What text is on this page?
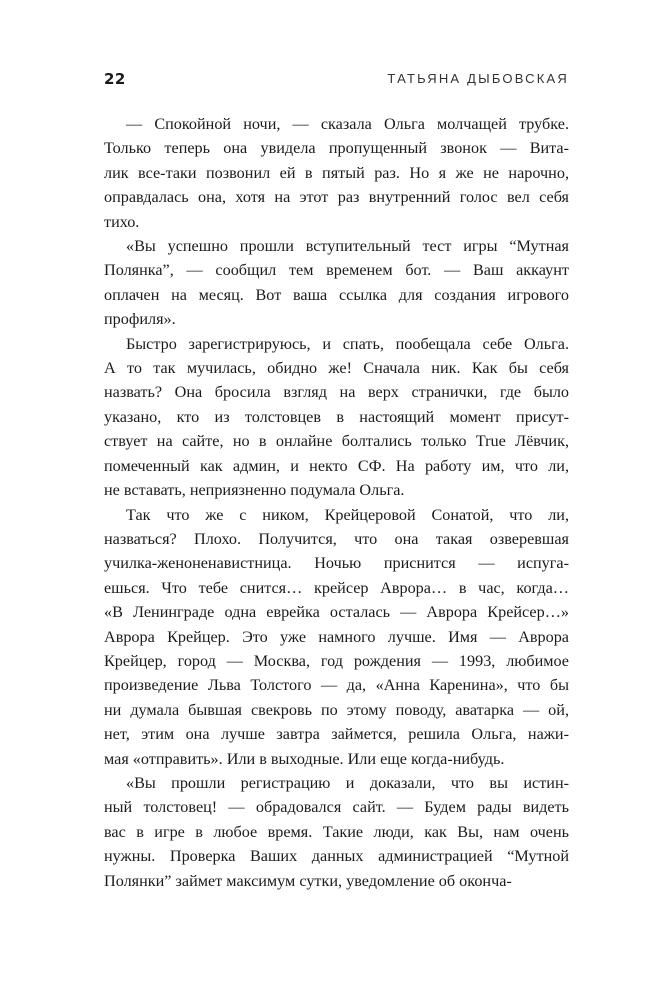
22	ТАТЬЯНА ДЫБОВСКАЯ

— Спокойной ночи, — сказала Ольга молчащей трубке.
Только теперь она увидела пропущенный звонок — Вита-
лик все-таки позвонил ей в пятый раз. Но я же не нарочно,
оправдалась она, хотя на этот раз внутренний голос вел себя
тихо.

«Вы успешно прошли вступительный тест игры “Мутная
Полянка”, — сообщил тем временем бот. — Ваш аккаунт
оплачен на месяц. Вот ваша ссылка для создания игрового
профиля».

Быстро зарегистрируюсь, и спать, пообещала себе Ольга.
А то так мучилась, обидно же! Сначала ник. Как бы себя
назвать? Она бросила взгляд на верх странички, где было
указано, кто из толстовцев в настоящий момент присут-
ствует на сайте, но в онлайне болтались только True Лёвчик,
помеченный как админ, и некто СФ. На работу им, что ли,
не вставать, неприязненно подумала Ольга.

Так что же с ником, Крейцеровой Сонатой, что ли,
назваться? Плохо. Получится, что она такая озверевшая
училка-женоненавистница. Ночью приснится — испуга-
ешься. Что тебе снится… крейсер Аврора… в час, когда…
«В Ленинграде одна еврейка осталась — Аврора Крейсер…»
Аврора Крейцер. Это уже намного лучше. Имя — Аврора
Крейцер, город — Москва, год рождения — 1993, любимое
произведение Льва Толстого — да, «Анна Каренина», что бы
ни думала бывшая свекровь по этому поводу, аватарка — ой,
нет, этим она лучше завтра займется, решила Ольга, нажи-
мая «отправить». Или в выходные. Или еще когда-нибудь.

«Вы прошли регистрацию и доказали, что вы истин-
ный толстовец! — обрадовался сайт. — Будем рады видеть
вас в игре в любое время. Такие люди, как Вы, нам очень
нужны. Проверка Ваших данных администрацией “Мутной
Полянки” займет максимум сутки, уведомление об оконча-
